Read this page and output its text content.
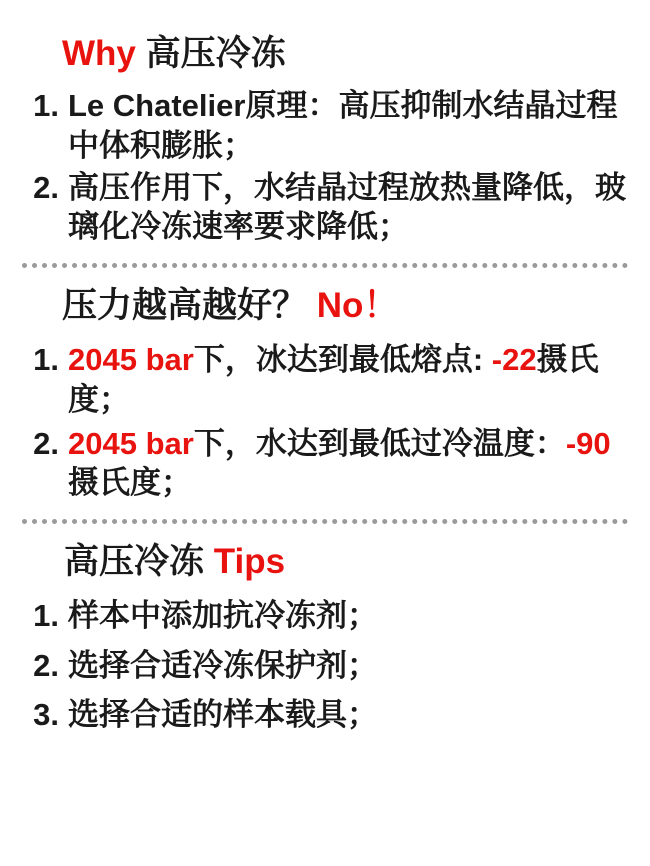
Why 高压冷冻
1. Le Chatelier原理：高压抑制水结晶过程中体积膨胀；
2. 高压作用下，水结晶过程放热量降低，玻璃化冷冻速率要求降低；
压力越高越好？ No！
1. 2045 bar下，冰达到最低熔点: -22摄氏度；
2. 2045 bar下，水达到最低过冷温度：-90摄氏度；
高压冷冻 Tips
1. 样本中添加抗冷冻剂；
2. 选择合适冷冻保护剂；
3. 选择合适的样本载具；
